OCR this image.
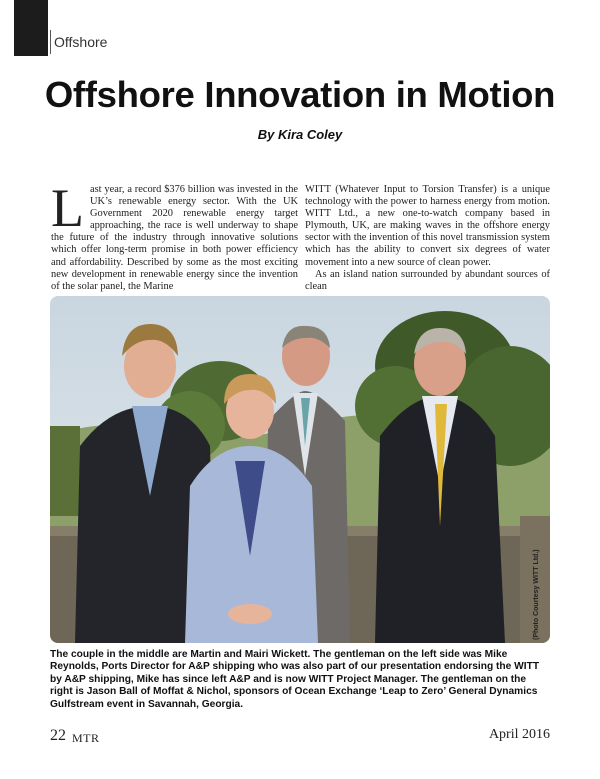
Offshore
Offshore Innovation in Motion
By Kira Coley
L ast year, a record $376 billion was invested in the UK’s renewable energy sector. With the UK Government 2020 renewable energy target approaching, the race is well underway to shape the future of the industry through innovative solutions which offer long-term promise in both power efficiency and affordability. Described by some as the most exciting new development in renewable energy since the invention of the solar panel, the Marine

WITT (Whatever Input to Torsion Transfer) is a unique technology with the power to harness energy from motion. WITT Ltd., a new one-to-watch company based in Plymouth, UK, are making waves in the offshore energy sector with the invention of this novel transmission system which has the ability to convert six degrees of water movement into a new source of clean power.

As an island nation surrounded by abundant sources of clean

(Photo Courtesy WITT Ltd.)

The couple in the middle are Martin and Mairi Wickett. The gentleman on the left side was Mike Reynolds, Ports Director for A&P shipping who was also part of our presentation endorsing the WITT by A&P shipping, Mike has since left A&P and is now WITT Project Manager. The gentleman on the right is Jason Ball of Moffat & Nichol, sponsors of Ocean Exchange ‘Leap to Zero’ General Dynamics Gulfstream event in Savannah, Georgia.

22 MTR	April 2016
